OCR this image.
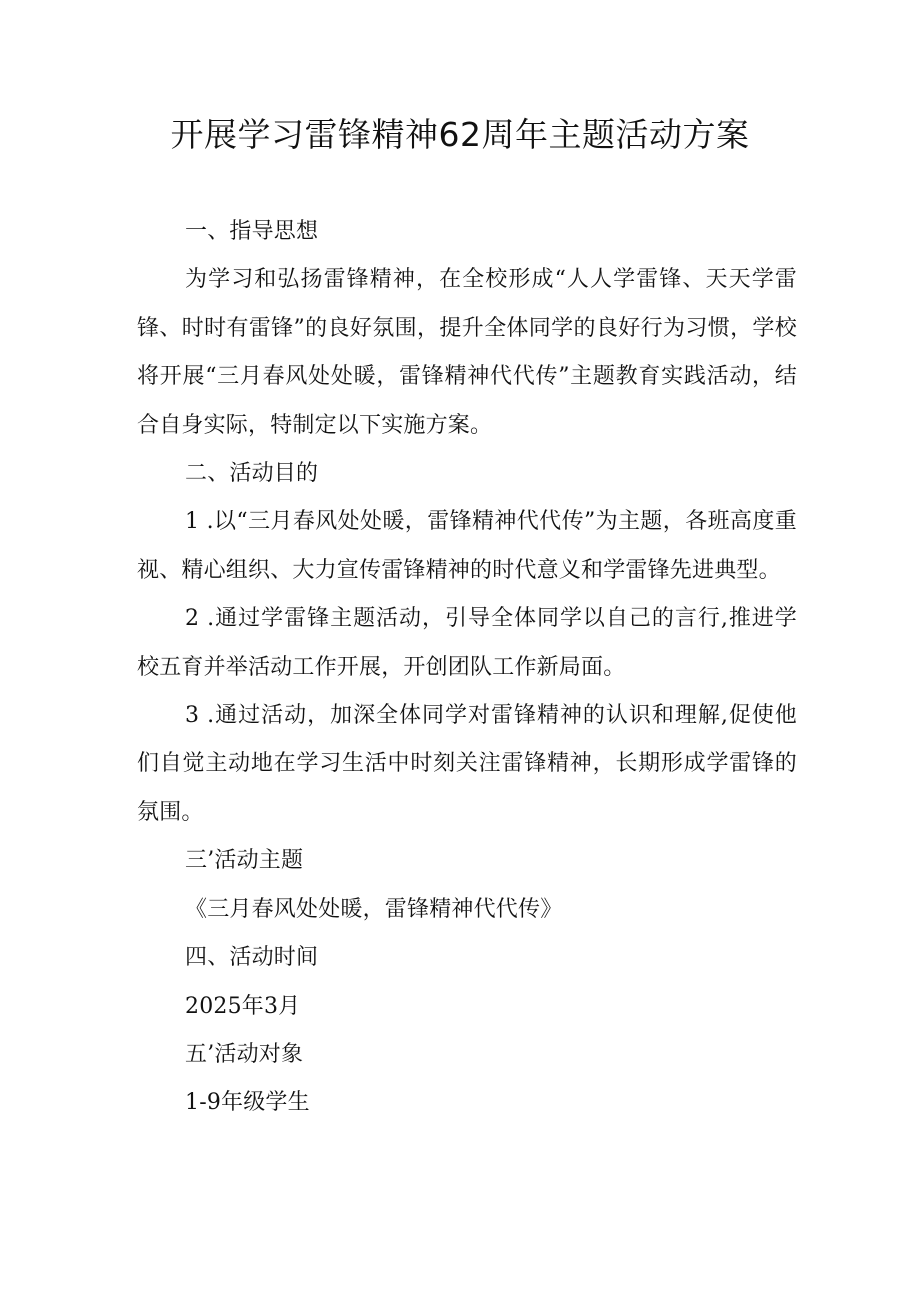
开展学习雷锋精神62周年主题活动方案

一、指导思想

为学习和弘扬雷锋精神，在全校形成“人人学雷锋、天天学雷锋、时时有雷锋”的良好氛围，提升全体同学的良好行为习惯，学校将开展“三月春风处处暖，雷锋精神代代传”主题教育实践活动，结合自身实际，特制定以下实施方案。

二、活动目的

1 .以“三月春风处处暖，雷锋精神代代传”为主题，各班高度重视、精心组织、大力宣传雷锋精神的时代意义和学雷锋先进典型。

2 .通过学雷锋主题活动，引导全体同学以自己的言行,推进学校五育并举活动工作开展，开创团队工作新局面。

3 .通过活动，加深全体同学对雷锋精神的认识和理解,促使他们自觉主动地在学习生活中时刻关注雷锋精神，长期形成学雷锋的氛围。

三’活动主题

《三月春风处处暖，雷锋精神代代传》

四、活动时间

2025年3月

五’活动对象

1-9年级学生
